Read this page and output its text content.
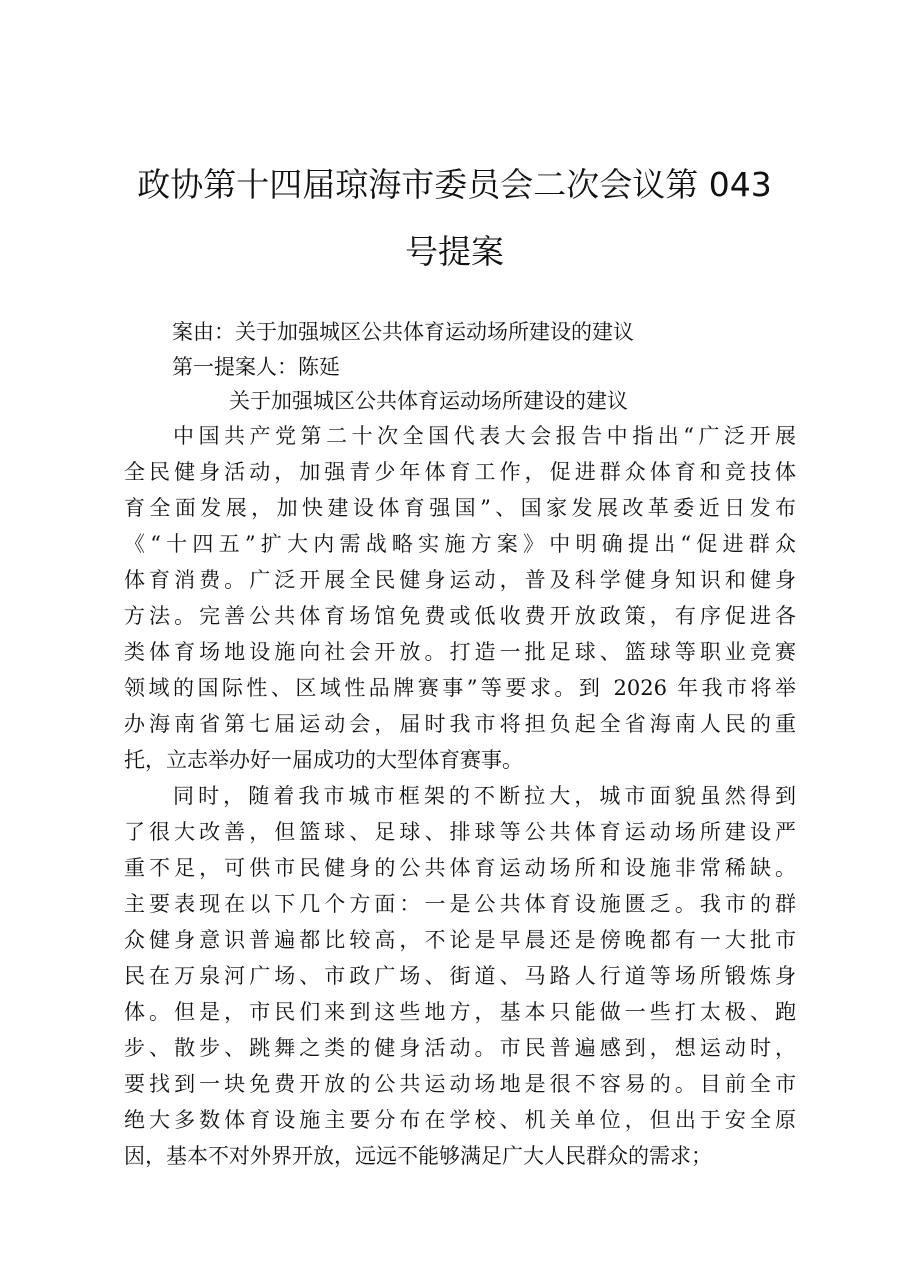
政协第十四届琼海市委员会二次会议第 043
号提案
案由：关于加强城区公共体育运动场所建设的建议
第一提案人：陈延
关于加强城区公共体育运动场所建设的建议
中国共产党第二十次全国代表大会报告中指出“广泛开展
全民健身活动，加强青少年体育工作，促进群众体育和竞技体
育全面发展，加快建设体育强国”、国家发展改革委近日发布
《“十四五”扩大内需战略实施方案》中明确提出“促进群众
体育消费。广泛开展全民健身运动，普及科学健身知识和健身
方法。完善公共体育场馆免费或低收费开放政策，有序促进各
类体育场地设施向社会开放。打造一批足球、篮球等职业竞赛
领域的国际性、区域性品牌赛事”等要求。到 2026 年我市将举
办海南省第七届运动会，届时我市将担负起全省海南人民的重
托，立志举办好一届成功的大型体育赛事。
同时，随着我市城市框架的不断拉大，城市面貌虽然得到
了很大改善，但篮球、足球、排球等公共体育运动场所建设严
重不足，可供市民健身的公共体育运动场所和设施非常稀缺。
主要表现在以下几个方面：一是公共体育设施匮乏。我市的群
众健身意识普遍都比较高，不论是早晨还是傍晚都有一大批市
民在万泉河广场、市政广场、街道、马路人行道等场所锻炼身
体。但是，市民们来到这些地方，基本只能做一些打太极、跑
步、散步、跳舞之类的健身活动。市民普遍感到，想运动时，
要找到一块免费开放的公共运动场地是很不容易的。目前全市
绝大多数体育设施主要分布在学校、机关单位，但出于安全原
因，基本不对外界开放，远远不能够满足广大人民群众的需求；
